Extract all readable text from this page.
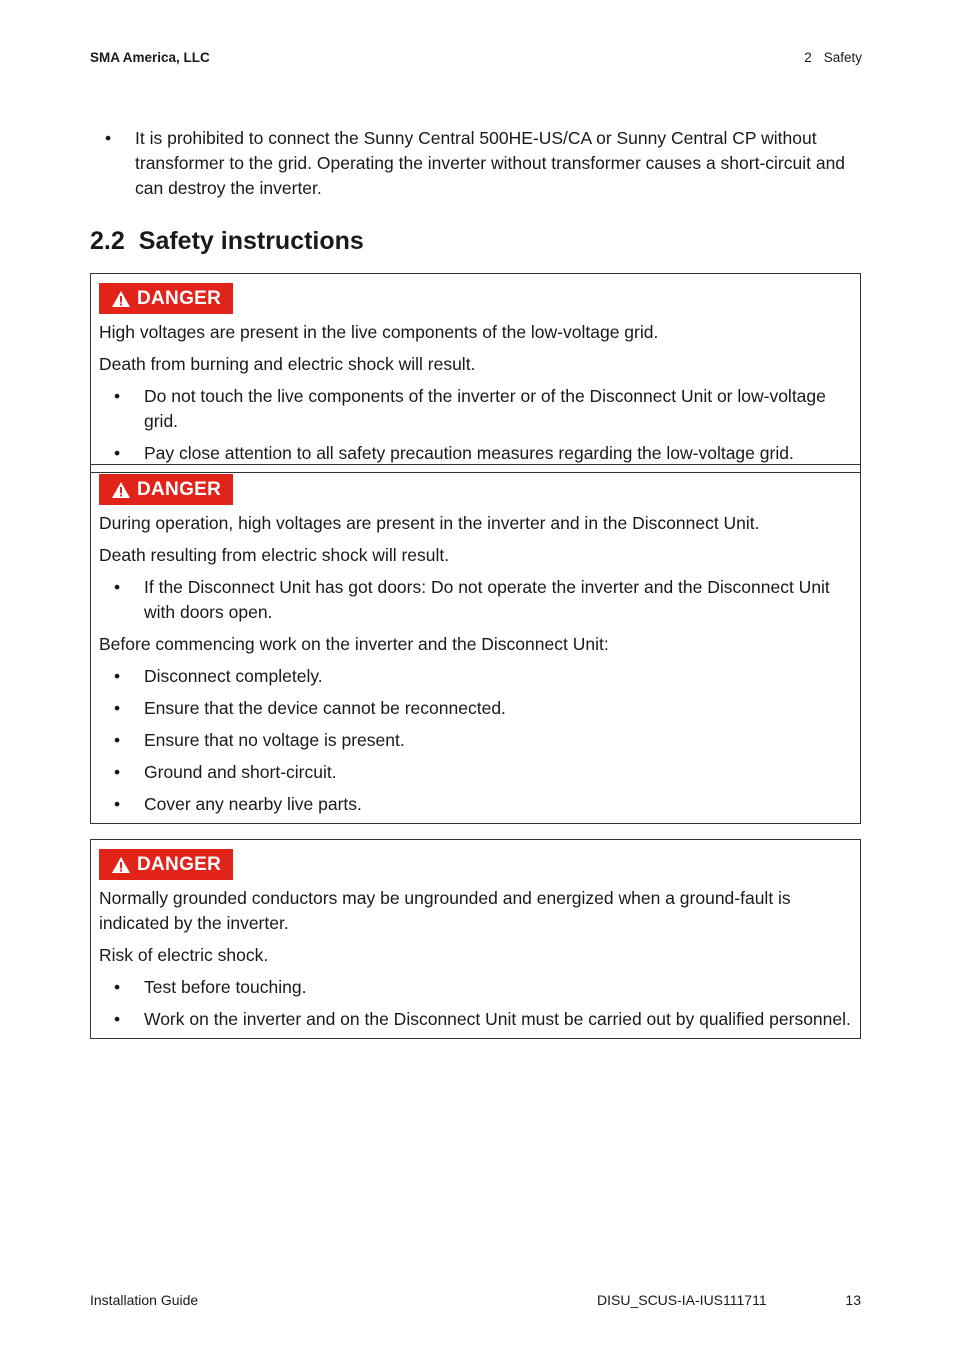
SMA America, LLC	2 Safety
• It is prohibited to connect the Sunny Central 500HE-US/CA or Sunny Central CP without transformer to the grid. Operating the inverter without transformer causes a short-circuit and can destroy the inverter.
2.2 Safety instructions
DANGER

High voltages are present in the live components of the low-voltage grid.

Death from burning and electric shock will result.

• Do not touch the live components of the inverter or of the Disconnect Unit or low-voltage grid.
• Pay close attention to all safety precaution measures regarding the low-voltage grid.
DANGER

During operation, high voltages are present in the inverter and in the Disconnect Unit.

Death resulting from electric shock will result.

• If the Disconnect Unit has got doors: Do not operate the inverter and the Disconnect Unit with doors open.

Before commencing work on the inverter and the Disconnect Unit:

• Disconnect completely.
• Ensure that the device cannot be reconnected.
• Ensure that no voltage is present.
• Ground and short-circuit.
• Cover any nearby live parts.
DANGER

Normally grounded conductors may be ungrounded and energized when a ground-fault is indicated by the inverter.

Risk of electric shock.

• Test before touching.
• Work on the inverter and on the Disconnect Unit must be carried out by qualified personnel.
Installation Guide	DISU_SCUS-IA-IUS111711	13
